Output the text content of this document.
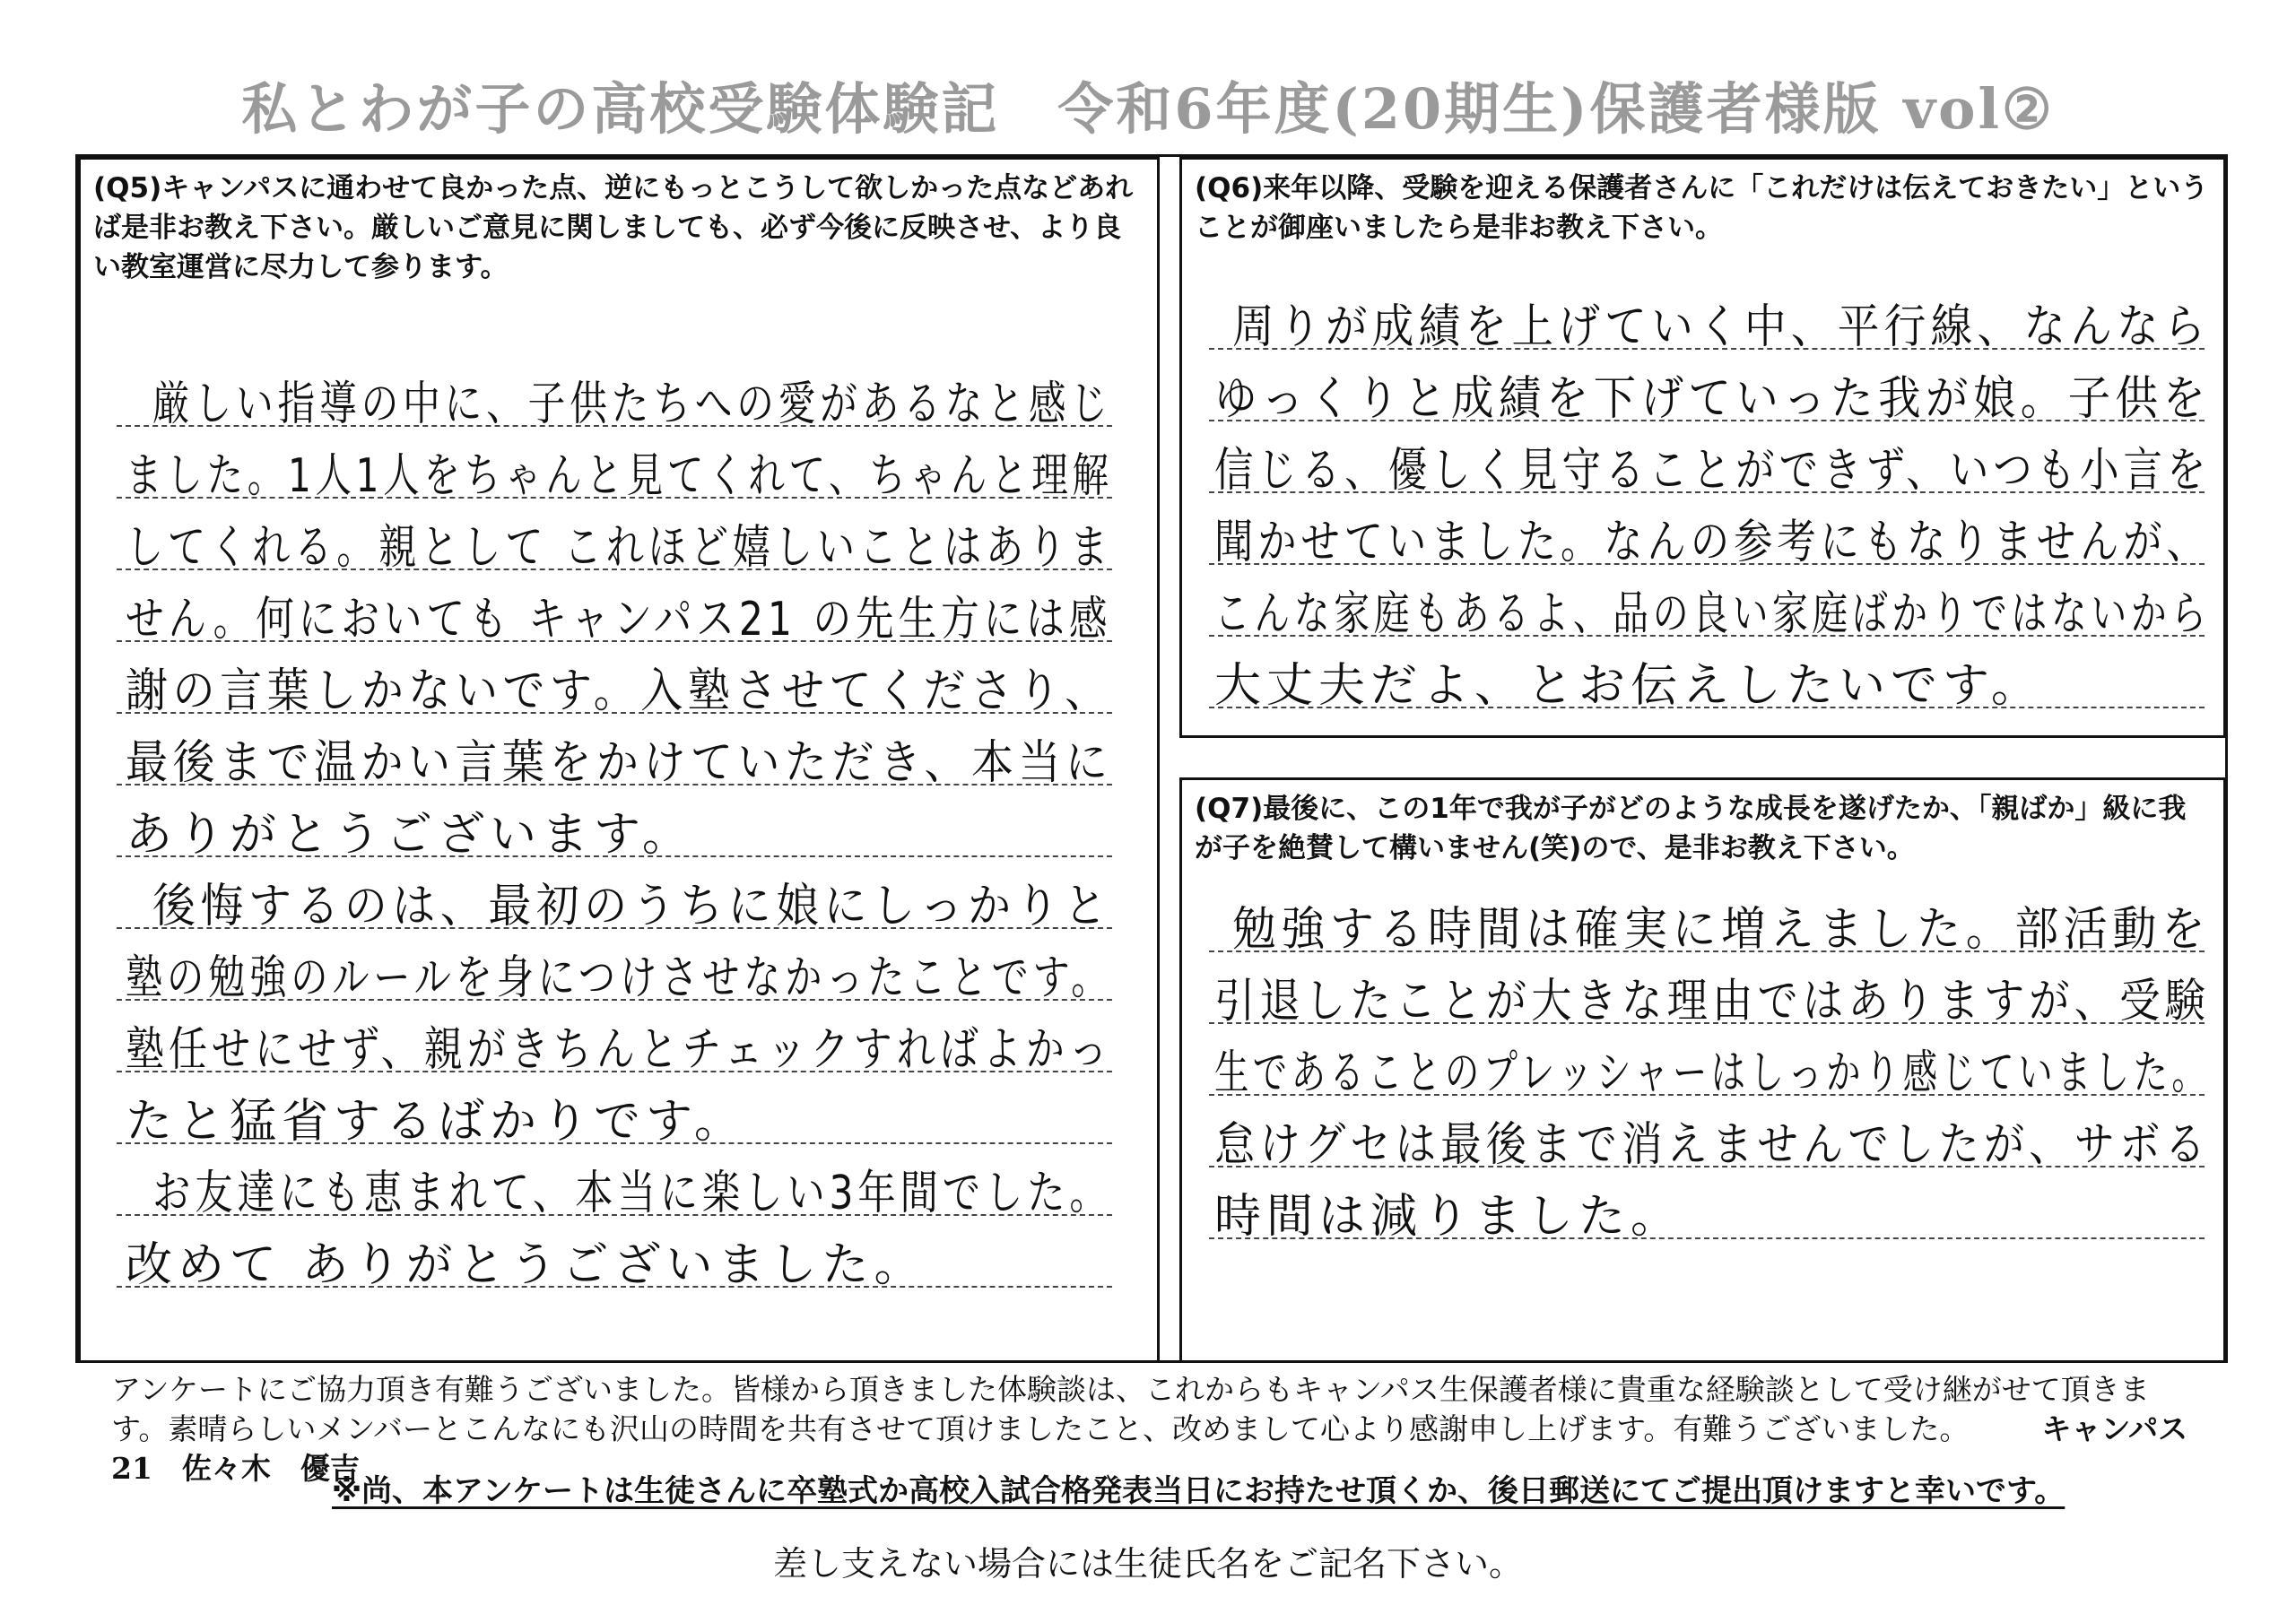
私とわが子の高校受験体験記　令和6年度(20期生)保護者様版 vol②
(Q5)キャンパスに通わせて良かった点、逆にもっとこうして欲しかった点などあれば是非お教え下さい。厳しいご意見に関しましても、必ず今後に反映させ、より良い教室運営に尽力して参ります。
厳しい指導の中に、子供たちへの愛があるなと感じ
ました。1人1人をちゃんと見てくれて、ちゃんと理解
してくれる。親として これほど嬉しいことはありま
せん。何においても キャンパス21 の先生方には感
謝の言葉しかないです。入塾させてくださり、
最後まで温かい言葉をかけていただき、本当に
ありがとうございます。
後悔するのは、最初のうちに娘にしっかりと
塾の勉強のルールを身につけさせなかったことです。
塾任せにせず、親がきちんとチェックすればよかっ
たと猛省するばかりです。
お友達にも恵まれて、本当に楽しい3年間でした。
改めて ありがとうございました。
(Q6)来年以降、受験を迎える保護者さんに「これだけは伝えておきたい」ということが御座いましたら是非お教え下さい。
周りが成績を上げていく中、平行線、なんなら
ゆっくりと成績を下げていった我が娘。子供を
信じる、優しく見守ることができず、いつも小言を
聞かせていました。なんの参考にもなりませんが、
こんな家庭もあるよ、品の良い家庭ばかりではないから
大丈夫だよ、とお伝えしたいです。
(Q7)最後に、この1年で我が子がどのような成長を遂げたか、「親ばか」級に我が子を絶賛して構いません(笑)ので、是非お教え下さい。
勉強する時間は確実に増えました。部活動を
引退したことが大きな理由ではありますが、受験
生であることのプレッシャーはしっかり感じていました。
怠けグセは最後まで消えませんでしたが、サボる
時間は減りました。
アンケートにご協力頂き有難うございました。皆様から頂きました体験談は、これからもキャンパス生保護者様に貴重な経験談として受け継がせて頂きます。素晴らしいメンバーとこんなにも沢山の時間を共有させて頂けましたこと、改めまして心より感謝申し上げます。有難うございました。 キャンパス21　佐々木　優吉
※尚、本アンケートは生徒さんに卒塾式か高校入試合格発表当日にお持たせ頂くか、後日郵送にてご提出頂けますと幸いです。
差し支えない場合には生徒氏名をご記名下さい。
